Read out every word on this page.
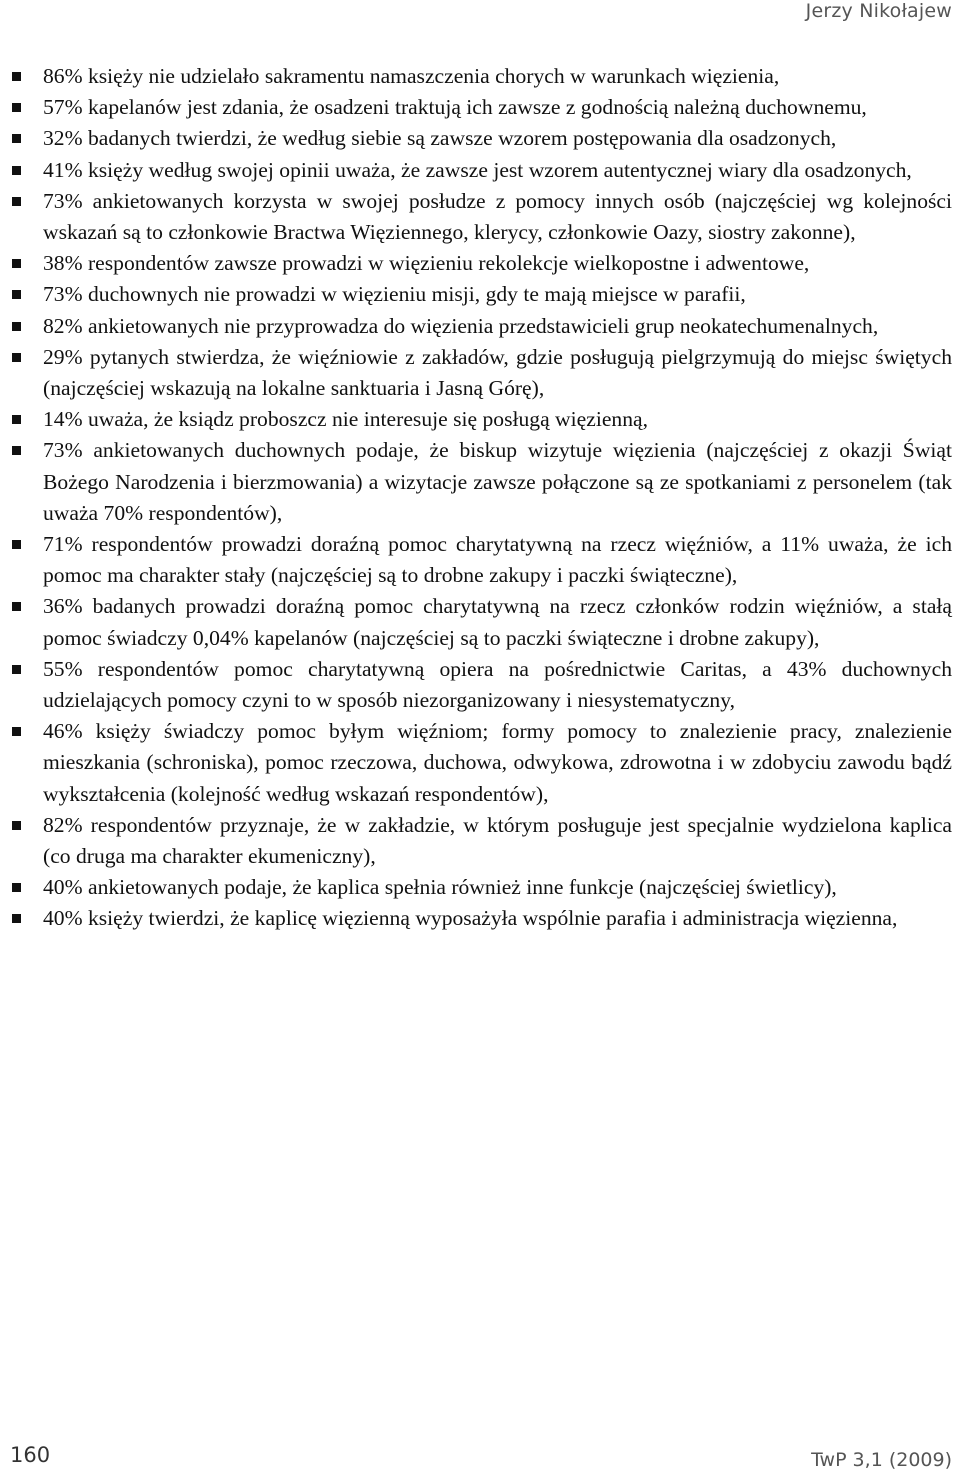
Jerzy Nikołajew
86% księży nie udzielało sakramentu namaszczenia chorych w warunkach więzienia,
57% kapelanów jest zdania, że osadzeni traktują ich zawsze z godnością należną duchownemu,
32% badanych twierdzi, że według siebie są zawsze wzorem postępowania dla osadzonych,
41% księży według swojej opinii uważa, że zawsze jest wzorem autentycznej wiary dla osadzonych,
73% ankietowanych korzysta w swojej posłudze z pomocy innych osób (najczęściej wg kolejności wskazań są to członkowie Bractwa Więziennego, klerycy, członkowie Oazy, siostry zakonne),
38% respondentów zawsze prowadzi w więzieniu rekolekcje wielkopostne i adwentowe,
73% duchownych nie prowadzi w więzieniu misji, gdy te mają miejsce w parafii,
82% ankietowanych nie przyprowadza do więzienia przedstawicieli grup neokatechumenalnych,
29% pytanych stwierdza, że więźniowie z zakładów, gdzie posługują pielgrzymują do miejsc świętych (najczęściej wskazują na lokalne sanktuaria i Jasną Górę),
14% uważa, że ksiądz proboszcz nie interesuje się posługą więzienną,
73% ankietowanych duchownych podaje, że biskup wizytuje więzienia (najczęściej z okazji Świąt Bożego Narodzenia i bierzmowania) a wizytacje zawsze połączone są ze spotkaniami z personelem (tak uważa 70% respondentów),
71% respondentów prowadzi doraźną pomoc charytatywną na rzecz więźniów, a 11% uważa, że ich pomoc ma charakter stały (najczęściej są to drobne zakupy i paczki świąteczne),
36% badanych prowadzi doraźną pomoc charytatywną na rzecz członków rodzin więźniów, a stałą pomoc świadczy 0,04% kapelanów (najczęściej są to paczki świąteczne i drobne zakupy),
55% respondentów pomoc charytatywną opiera na pośrednictwie Caritas, a 43% duchownych udzielających pomocy czyni to w sposób niezorganizowany i niesystematyczny,
46% księży świadczy pomoc byłym więźniom; formy pomocy to znalezienie pracy, znalezienie mieszkania (schroniska), pomoc rzeczowa, duchowa, odwykowa, zdrowotna i w zdobyciu zawodu bądź wykształcenia (kolejność według wskazań respondentów),
82% respondentów przyznaje, że w zakładzie, w którym posługuje jest specjalnie wydzielona kaplica (co druga ma charakter ekumeniczny),
40% ankietowanych podaje, że kaplica spełnia również inne funkcje (najczęściej świetlicy),
40% księży twierdzi, że kaplicę więzienną wyposażyła wspólnie parafia i administracja więzienna,
160	TwP 3,1 (2009)
